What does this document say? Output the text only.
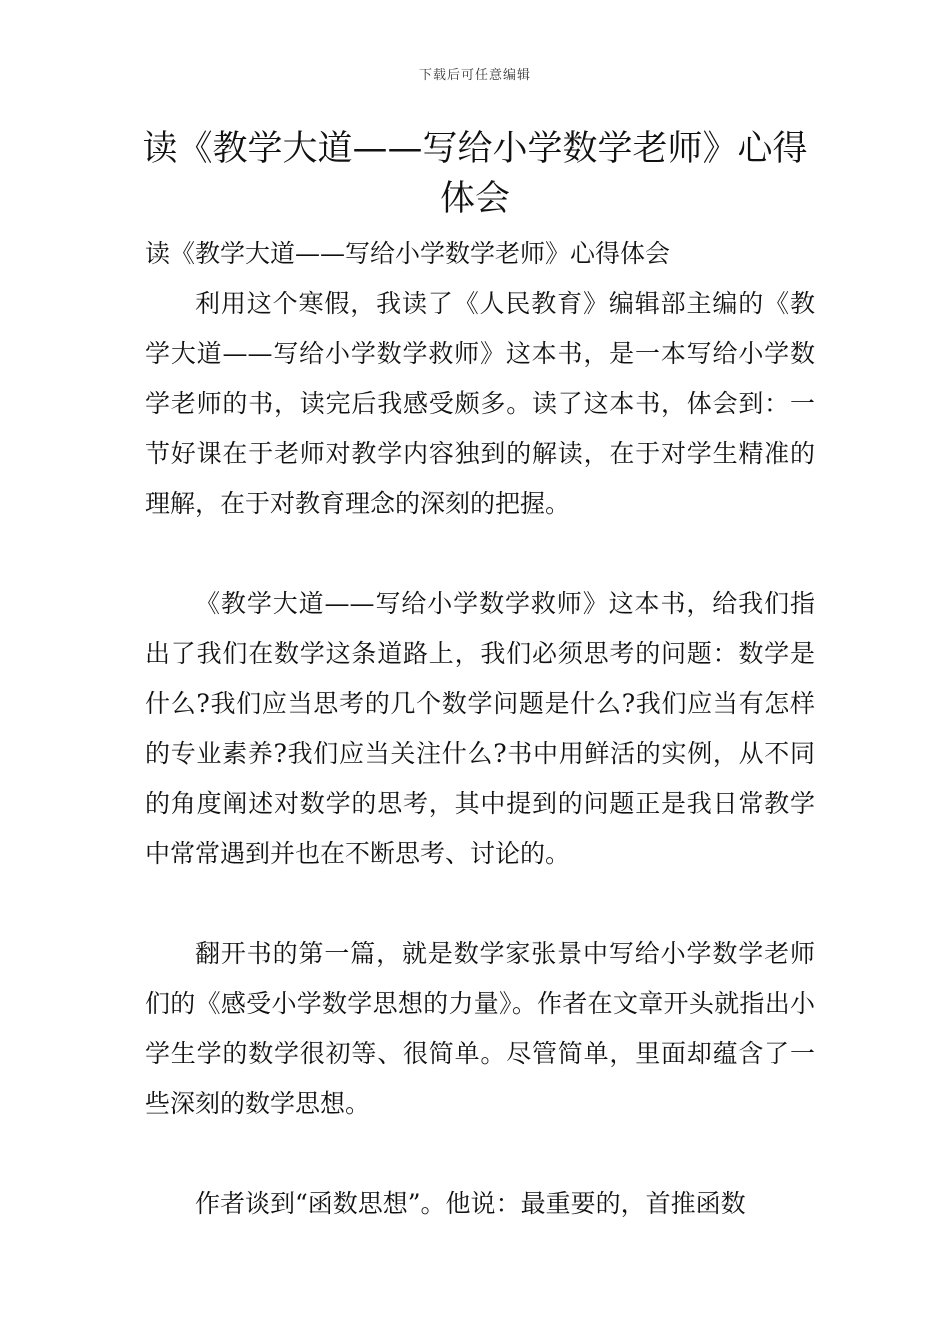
下载后可任意编辑
读《教学大道——写给小学数学老师》心得体会

读《教学大道——写给小学数学老师》心得体会

利用这个寒假，我读了《人民教育》编辑部主编的《教学大道——写给小学数学救师》这本书，是一本写给小学数学老师的书，读完后我感受颇多。读了这本书，体会到：一节好课在于老师对教学内容独到的解读，在于对学生精准的理解，在于对教育理念的深刻的把握。

《教学大道——写给小学数学救师》这本书，给我们指出了我们在数学这条道路上，我们必须思考的问题：数学是什么?我们应当思考的几个数学问题是什么?我们应当有怎样的专业素养?我们应当关注什么?书中用鲜活的实例，从不同的角度阐述对数学的思考，其中提到的问题正是我日常教学中常常遇到并也在不断思考、讨论的。

翻开书的第一篇，就是数学家张景中写给小学数学老师们的《感受小学数学思想的力量》。作者在文章开头就指出小学生学的数学很初等、很简单。尽管简单，里面却蕴含了一些深刻的数学思想。

作者谈到“函数思想”。他说：最重要的，首推函数
